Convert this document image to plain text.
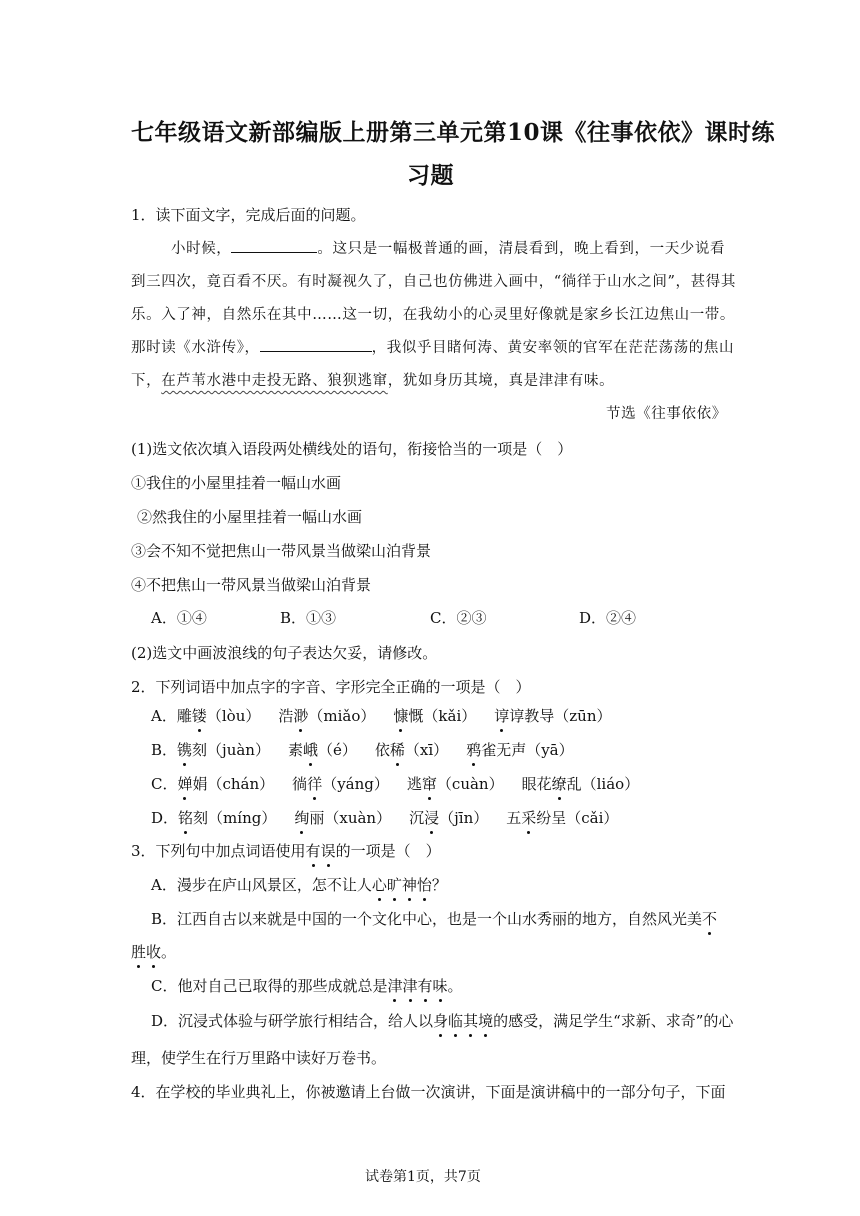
七年级语文新部编版上册第三单元第10课《往事依依》课时练
习题
1．读下面文字，完成后面的问题。
小时候，	。这只是一幅极普通的画，清晨看到，晚上看到，一天少说看
到三四次，竟百看不厌。有时凝视久了，自己也仿佛进入画中，“徜徉于山水之间”，甚得其
乐。入了神，自然乐在其中……这一切，在我幼小的心灵里好像就是家乡长江边焦山一带。
那时读《水浒传》，	，我似乎目睹何涛、黄安率领的官军在茫茫荡荡的焦山
下，在芦苇水港中走投无路、狼狈逃窜，犹如身历其境，真是津津有味。
节选《往事依依》
(1)选文依次填入语段两处横线处的语句，衔接恰当的一项是（　）
①我住的小屋里挂着一幅山水画
②然我住的小屋里挂着一幅山水画
③会不知不觉把焦山一带风景当做梁山泊背景
④不把焦山一带风景当做梁山泊背景
A．①④	B．①③	C．②③	D．②④
(2)选文中画波浪线的句子表达欠妥，请修改。
2．下列词语中加点字的字音、字形完全正确的一项是（　）
A．雕镂（lòu） 浩渺（miǎo） 慷慨（kǎi） 谆谆教导（zūn）
B．镌刻（juàn） 素峨（é） 依稀（xī） 鸦雀无声（yā）
C．婵娟（chán） 徜徉（yáng） 逃窜（cuàn） 眼花缭乱（liáo）
D．铭刻（míng） 绚丽（xuàn） 沉浸（jīn） 五采纷呈（cǎi）
3．下列句中加点词语使用有误的一项是（　）
A．漫步在庐山风景区，怎不让人心旷神怡？
B．江西自古以来就是中国的一个文化中心，也是一个山水秀丽的地方，自然风光美不
胜收。
C．他对自己已取得的那些成就总是津津有味。
D．沉浸式体验与研学旅行相结合，给人以身临其境的感受，满足学生“求新、求奇”的心
理，使学生在行万里路中读好万卷书。
4．在学校的毕业典礼上，你被邀请上台做一次演讲，下面是演讲稿中的一部分句子，下面
试卷第1页，共7页
